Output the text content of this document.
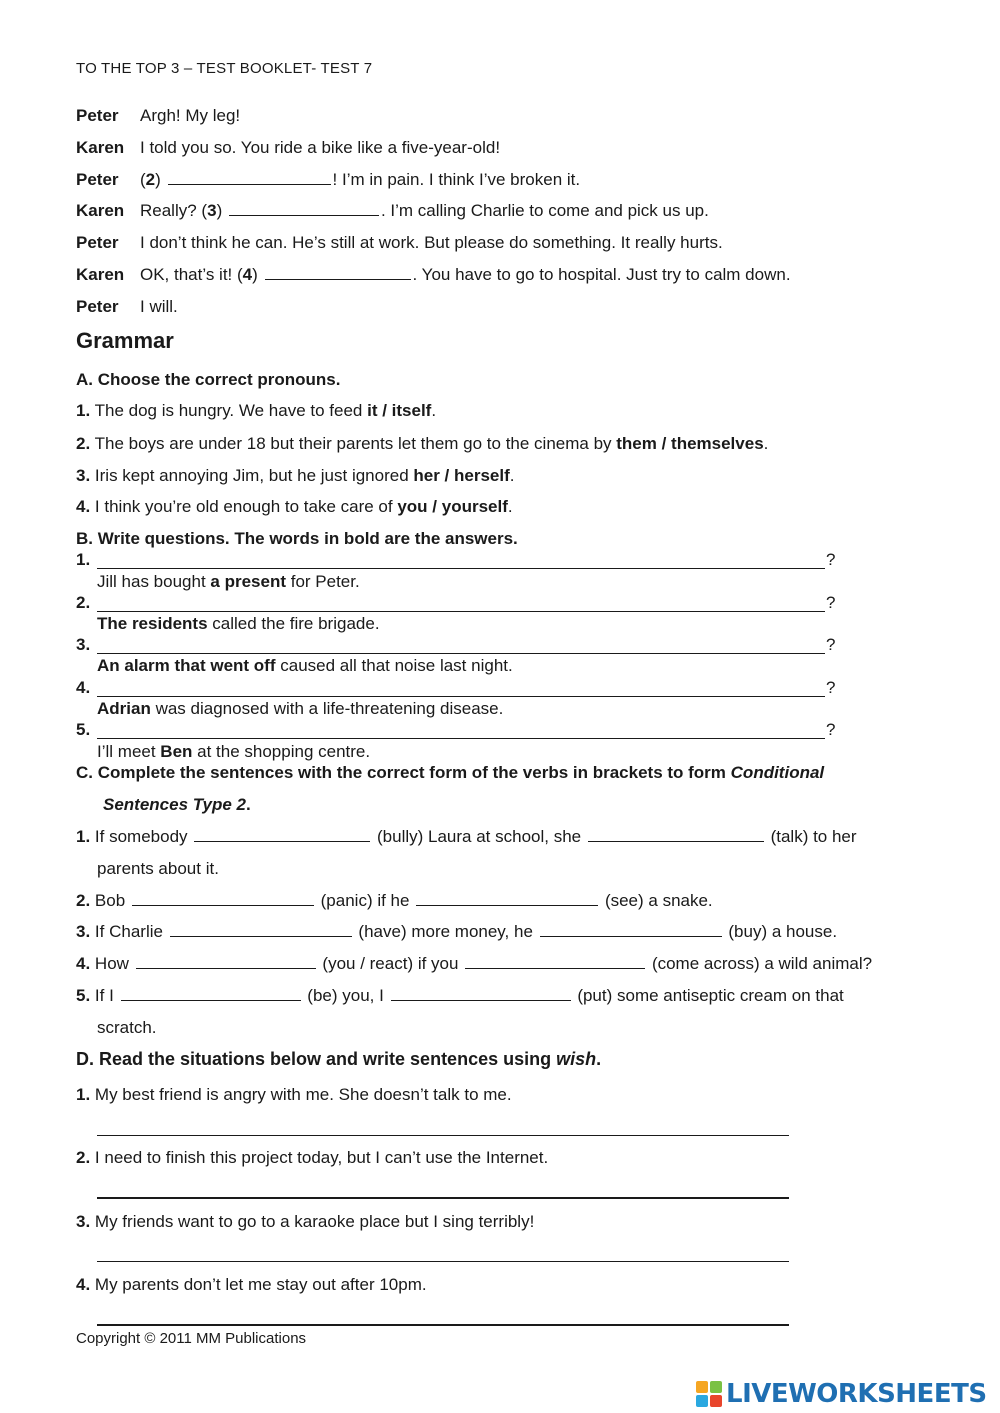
TO THE TOP 3 – TEST BOOKLET- TEST 7
Peter	Argh! My leg!
Karen I told you so. You ride a bike like a five-year-old!
Peter	(2)	! I’m in pain. I think I’ve broken it.
Karen Really? (3)	. I’m calling Charlie to come and pick us up.
Peter	I don’t think he can. He’s still at work. But please do something. It really hurts.
Karen OK, that’s it! (4)	. You have to go to hospital. Just try to calm down.
Peter	I will.
Grammar
A. Choose the correct pronouns.
1. The dog is hungry. We have to feed it / itself.
2. The boys are under 18 but their parents let them go to the cinema by them / themselves.
3. Iris kept annoying Jim, but he just ignored her / herself.
4. I think you’re old enough to take care of you / yourself.
B. Write questions. The words in bold are the answers.
1.	?
Jill has bought a present for Peter.
2.	?
The residents called the fire brigade.
3.	?
An alarm that went off caused all that noise last night.
4.	?
Adrian was diagnosed with a life-threatening disease.
5.	?
I’ll meet Ben at the shopping centre.
C. Complete the sentences with the correct form of the verbs in brackets to form Conditional
Sentences Type 2.
1. If somebody	(bully) Laura at school, she	(talk) to her
parents about it.
2. Bob	(panic) if he	(see) a snake.
3. If Charlie	(have) more money, he	(buy) a house.
4. How	(you / react) if you	(come across) a wild animal?
5. If I	(be) you, I	(put) some antiseptic cream on that
scratch.
D. Read the situations below and write sentences using wish.
1. My best friend is angry with me. She doesn’t talk to me.
2. I need to finish this project today, but I can’t use the Internet.
3. My friends want to go to a karaoke place but I sing terribly!
4. My parents don’t let me stay out after 10pm.
Copyright © 2011 MM Publications
LIVEWORKSHEETS
